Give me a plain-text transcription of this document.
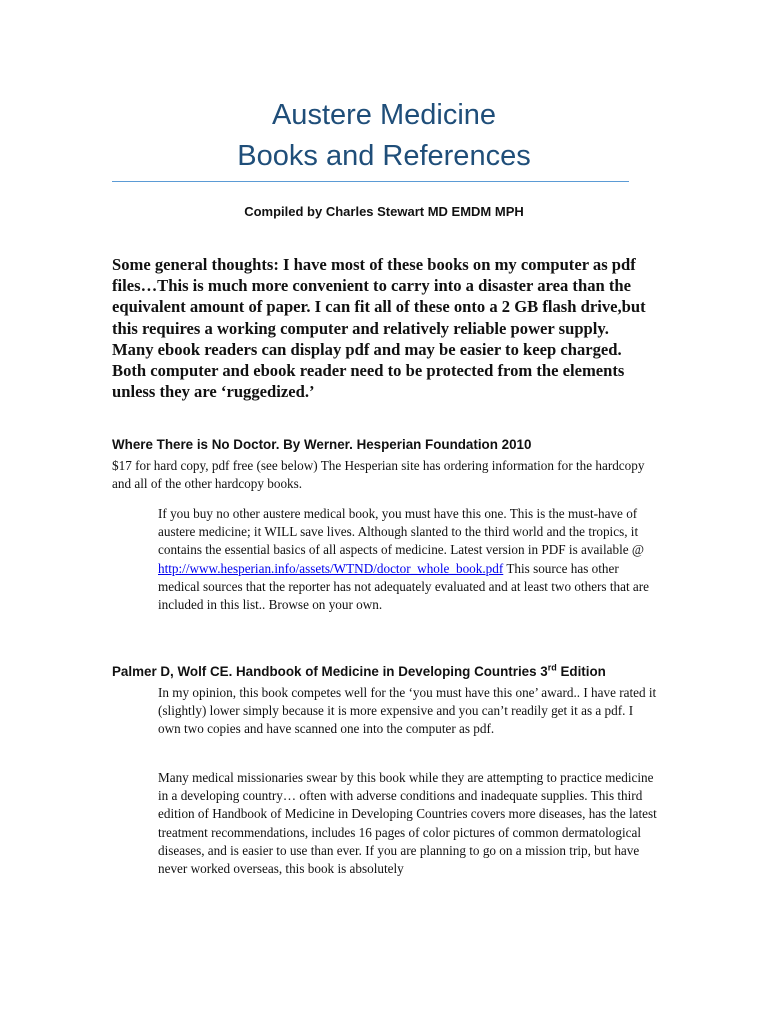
Austere Medicine
Books and References
Compiled by Charles Stewart MD EMDM MPH

Some general thoughts: I have most of these books on my computer as pdf files…This is much more convenient to carry into a disaster area than the equivalent amount of paper. I can fit all of these onto a 2 GB flash drive,but this requires a working computer and relatively reliable power supply. Many ebook readers can display pdf and may be easier to keep charged. Both computer and ebook reader need to be protected from the elements unless they are ‘ruggedized.’

Where There is No Doctor. By Werner. Hesperian Foundation 2010

$17 for hard copy, pdf free (see below) The Hesperian site has ordering information for the hardcopy and all of the other hardcopy books.

If you buy no other austere medical book, you must have this one. This is the must-have of austere medicine; it WILL save lives. Although slanted to the third world and the tropics, it contains the essential basics of all aspects of medicine. Latest version in PDF is available @ http://www.hesperian.info/assets/WTND/doctor_whole_book.pdf This source has other medical sources that the reporter has not adequately evaluated and at least two others that are included in this list.. Browse on your own.

Palmer D, Wolf CE. Handbook of Medicine in Developing Countries 3rd Edition

In my opinion, this book competes well for the ‘you must have this one’ award.. I have rated it (slightly) lower simply because it is more expensive and you can’t readily get it as a pdf. I own two copies and have scanned one into the computer as pdf.

Many medical missionaries swear by this book while they are attempting to practice medicine in a developing country… often with adverse conditions and inadequate supplies. This third edition of Handbook of Medicine in Developing Countries covers more diseases, has the latest treatment recommendations, includes 16 pages of color pictures of common dermatological diseases, and is easier to use than ever. If you are planning to go on a mission trip, but have never worked overseas, this book is absolutely
